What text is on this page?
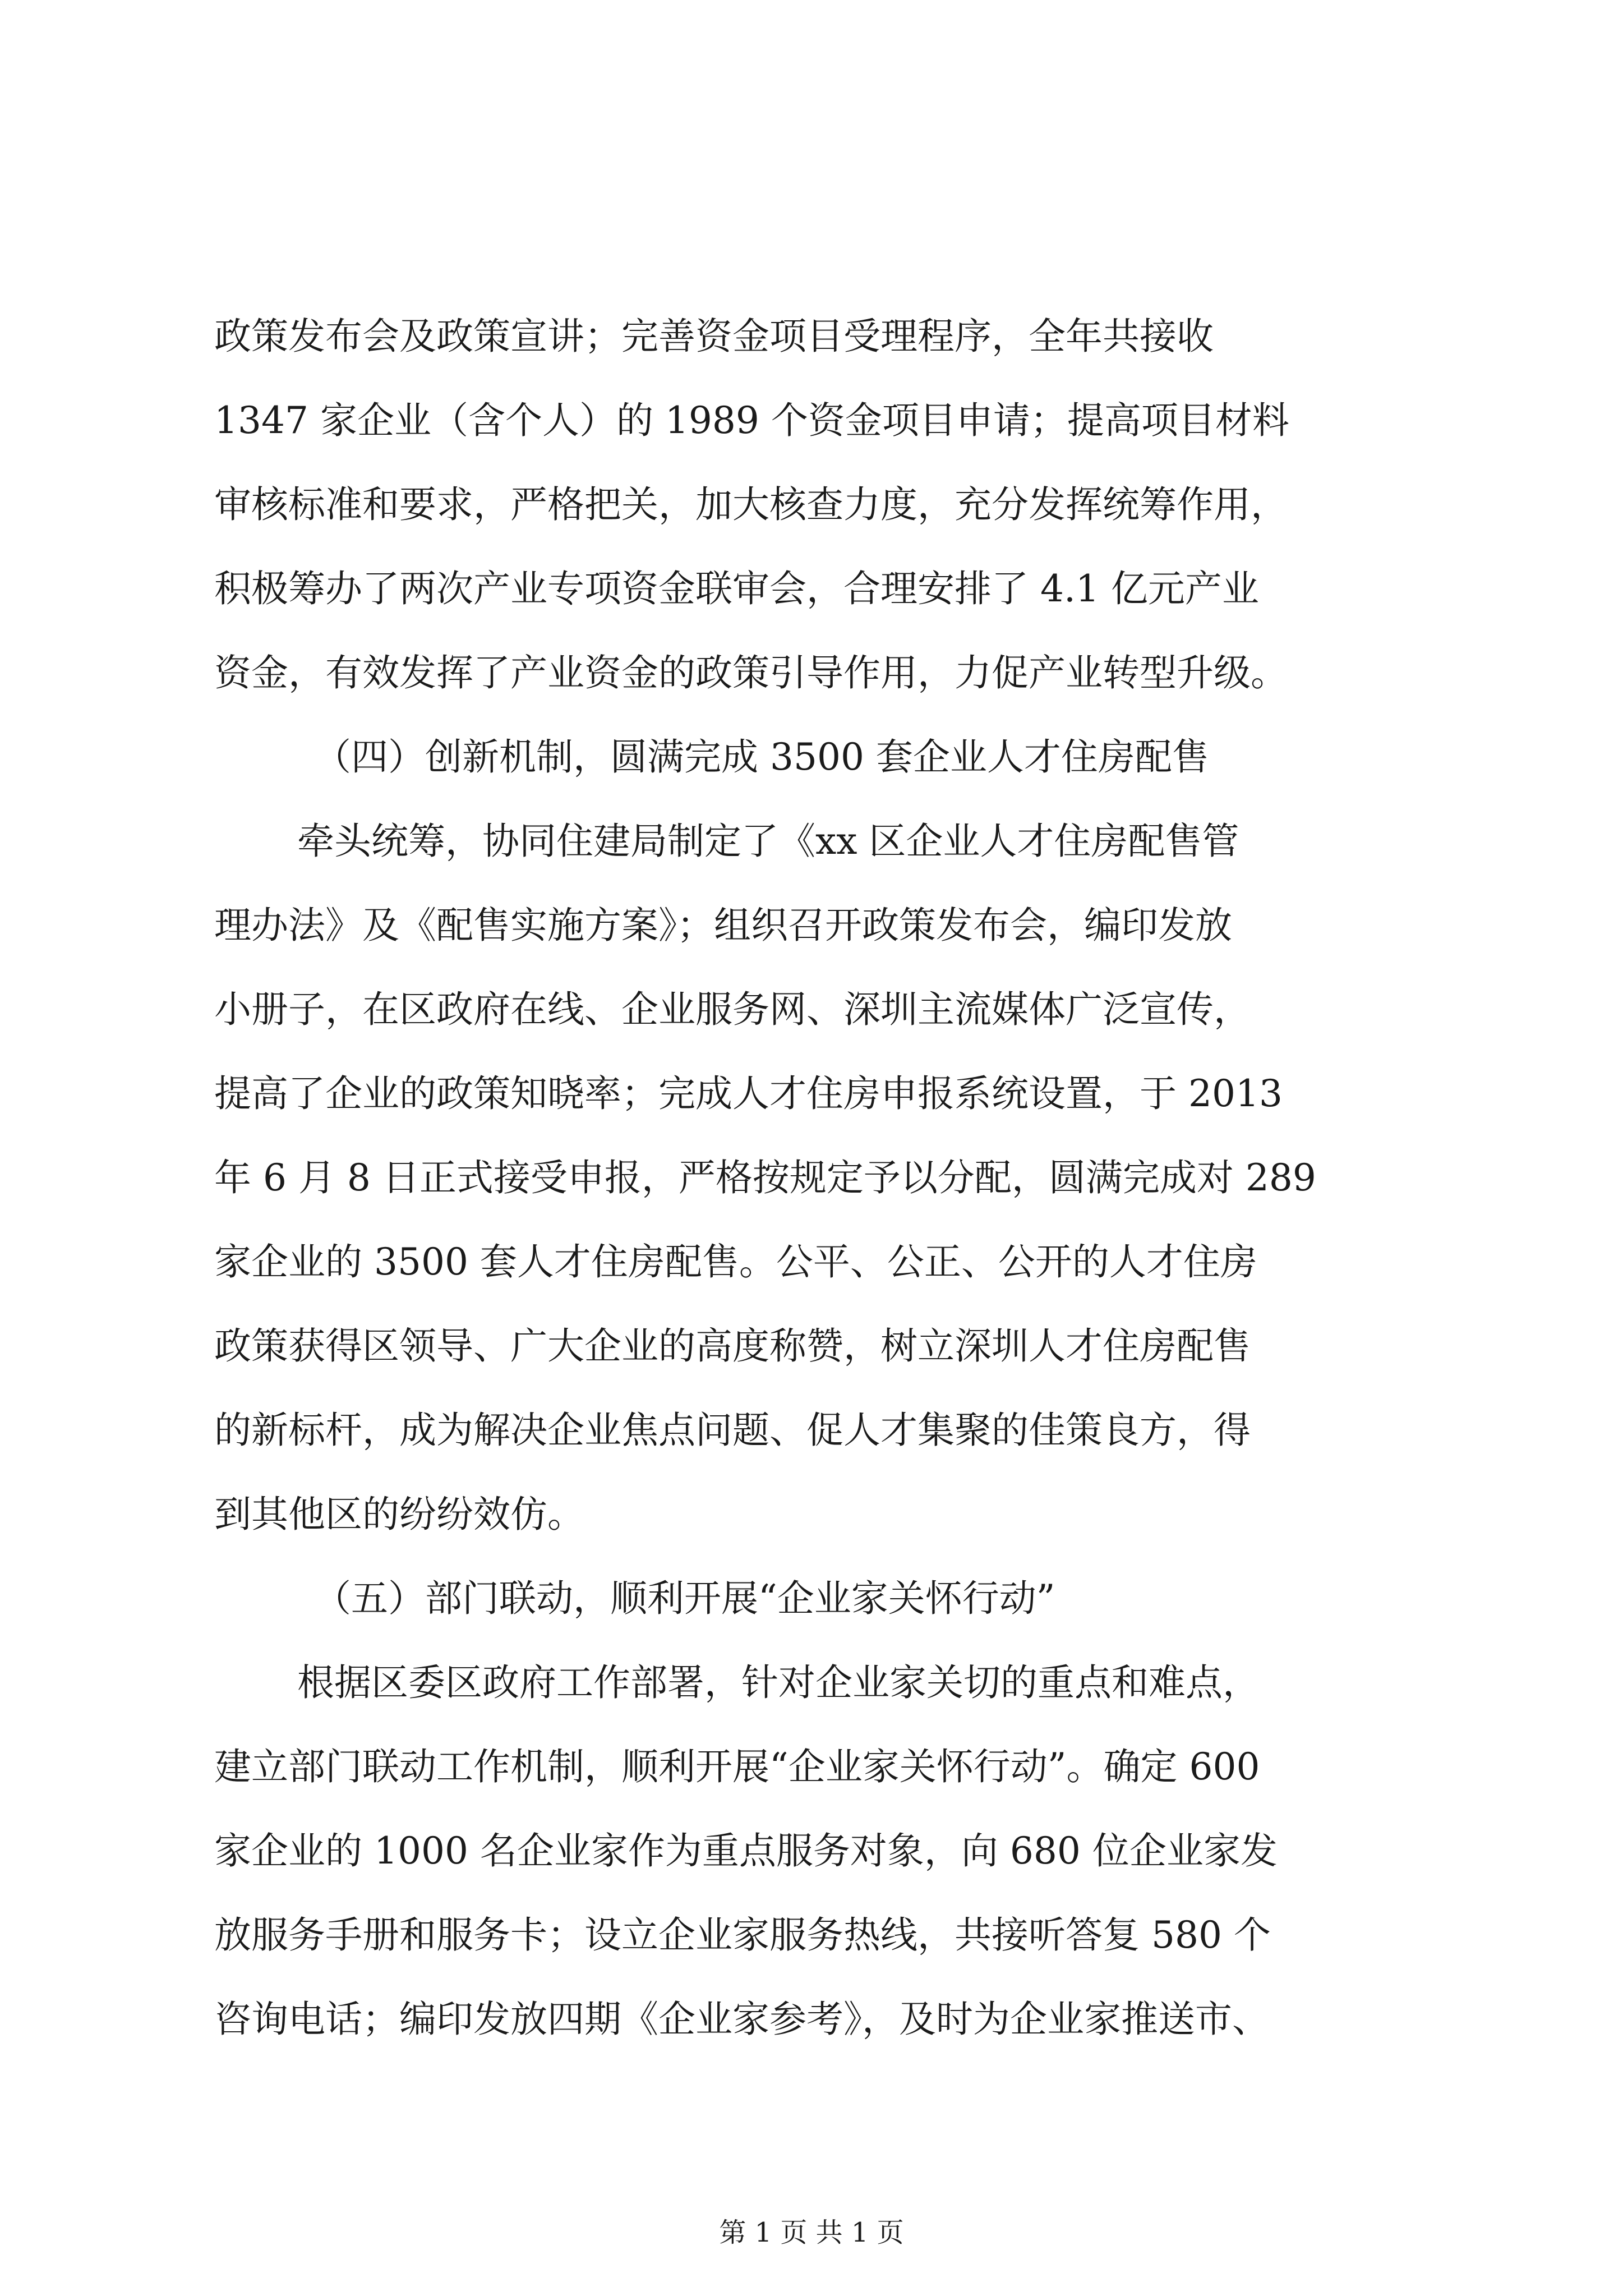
政策发布会及政策宣讲；完善资金项目受理程序，全年共接收
1347 家企业（含个人）的 1989 个资金项目申请；提高项目材料
审核标准和要求，严格把关，加大核查力度，充分发挥统筹作用，
积极筹办了两次产业专项资金联审会，合理安排了 4.1 亿元产业
资金，有效发挥了产业资金的政策引导作用，力促产业转型升级。
（四）创新机制，圆满完成 3500 套企业人才住房配售
牵头统筹，协同住建局制定了《xx 区企业人才住房配售管
理办法》及《配售实施方案》；组织召开政策发布会，编印发放
小册子，在区政府在线、企业服务网、深圳主流媒体广泛宣传，
提高了企业的政策知晓率；完成人才住房申报系统设置，于 2013
年 6 月 8 日正式接受申报，严格按规定予以分配，圆满完成对 289
家企业的 3500 套人才住房配售。公平、公正、公开的人才住房
政策获得区领导、广大企业的高度称赞，树立深圳人才住房配售
的新标杆，成为解决企业焦点问题、促人才集聚的佳策良方，得
到其他区的纷纷效仿。
（五）部门联动，顺利开展“企业家关怀行动”
根据区委区政府工作部署，针对企业家关切的重点和难点，
建立部门联动工作机制，顺利开展“企业家关怀行动”。确定 600
家企业的 1000 名企业家作为重点服务对象，向 680 位企业家发
放服务手册和服务卡；设立企业家服务热线，共接听答复 580 个
咨询电话；编印发放四期《企业家参考》，及时为企业家推送市、
第 1 页 共 1 页
